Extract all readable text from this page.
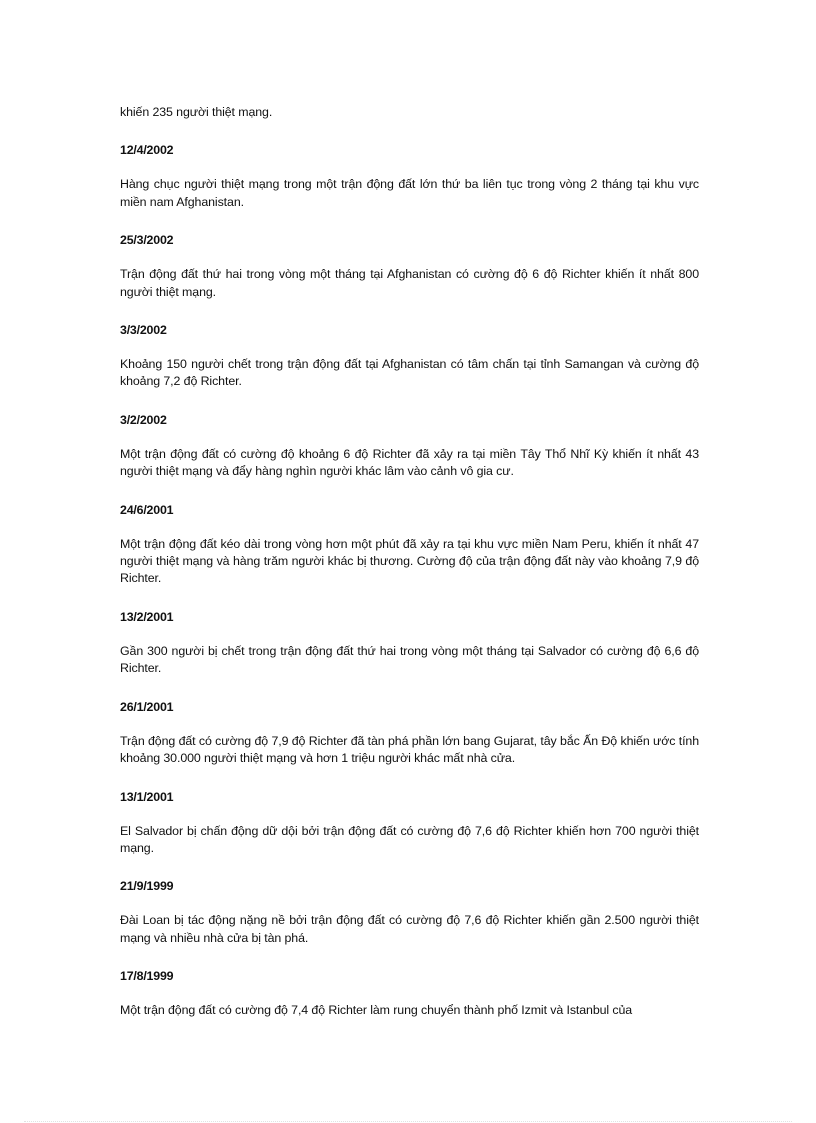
khiến 235 người thiệt mạng.

12/4/2002

Hàng chục người thiệt mạng trong một trận động đất lớn thứ ba liên tục trong vòng 2 tháng tại khu vực miền nam Afghanistan.

25/3/2002

Trận động đất thứ hai trong vòng một tháng tại Afghanistan có cường độ 6 độ Richter khiến ít nhất 800 người thiệt mạng.

3/3/2002

Khoảng 150 người chết trong trận động đất tại Afghanistan có tâm chấn tại tỉnh Samangan và cường độ khoảng 7,2 độ Richter.

3/2/2002

Một trận động đất có cường độ khoảng 6 độ Richter đã xảy ra tại miền Tây Thổ Nhĩ Kỳ khiến ít nhất 43 người thiệt mạng và đẩy hàng nghìn người khác lâm vào cảnh vô gia cư.

24/6/2001

Một trận động đất kéo dài trong vòng hơn một phút đã xảy ra tại khu vực miền Nam Peru, khiến ít nhất 47 người thiệt mạng và hàng trăm người khác bị thương. Cường độ của trận động đất này vào khoảng 7,9 độ Richter.

13/2/2001

Gần 300 người bị chết trong trận động đất thứ hai trong vòng một tháng tại Salvador có cường độ 6,6 độ Richter.

26/1/2001

Trận động đất có cường độ 7,9 độ Richter đã tàn phá phần lớn bang Gujarat, tây bắc Ấn Độ khiến ước tính khoảng 30.000 người thiệt mạng và hơn 1 triệu người khác mất nhà cửa.

13/1/2001

El Salvador bị chấn động dữ dội bởi trận động đất có cường độ 7,6 độ Richter khiến hơn 700 người thiệt mạng.

21/9/1999

Đài Loan bị tác động nặng nề bởi trận động đất có cường độ 7,6 độ Richter khiến gần 2.500 người thiệt mạng và nhiều nhà cửa bị tàn phá.

17/8/1999

Một trận động đất có cường độ 7,4 độ Richter làm rung chuyển thành phố Izmit và Istanbul của
